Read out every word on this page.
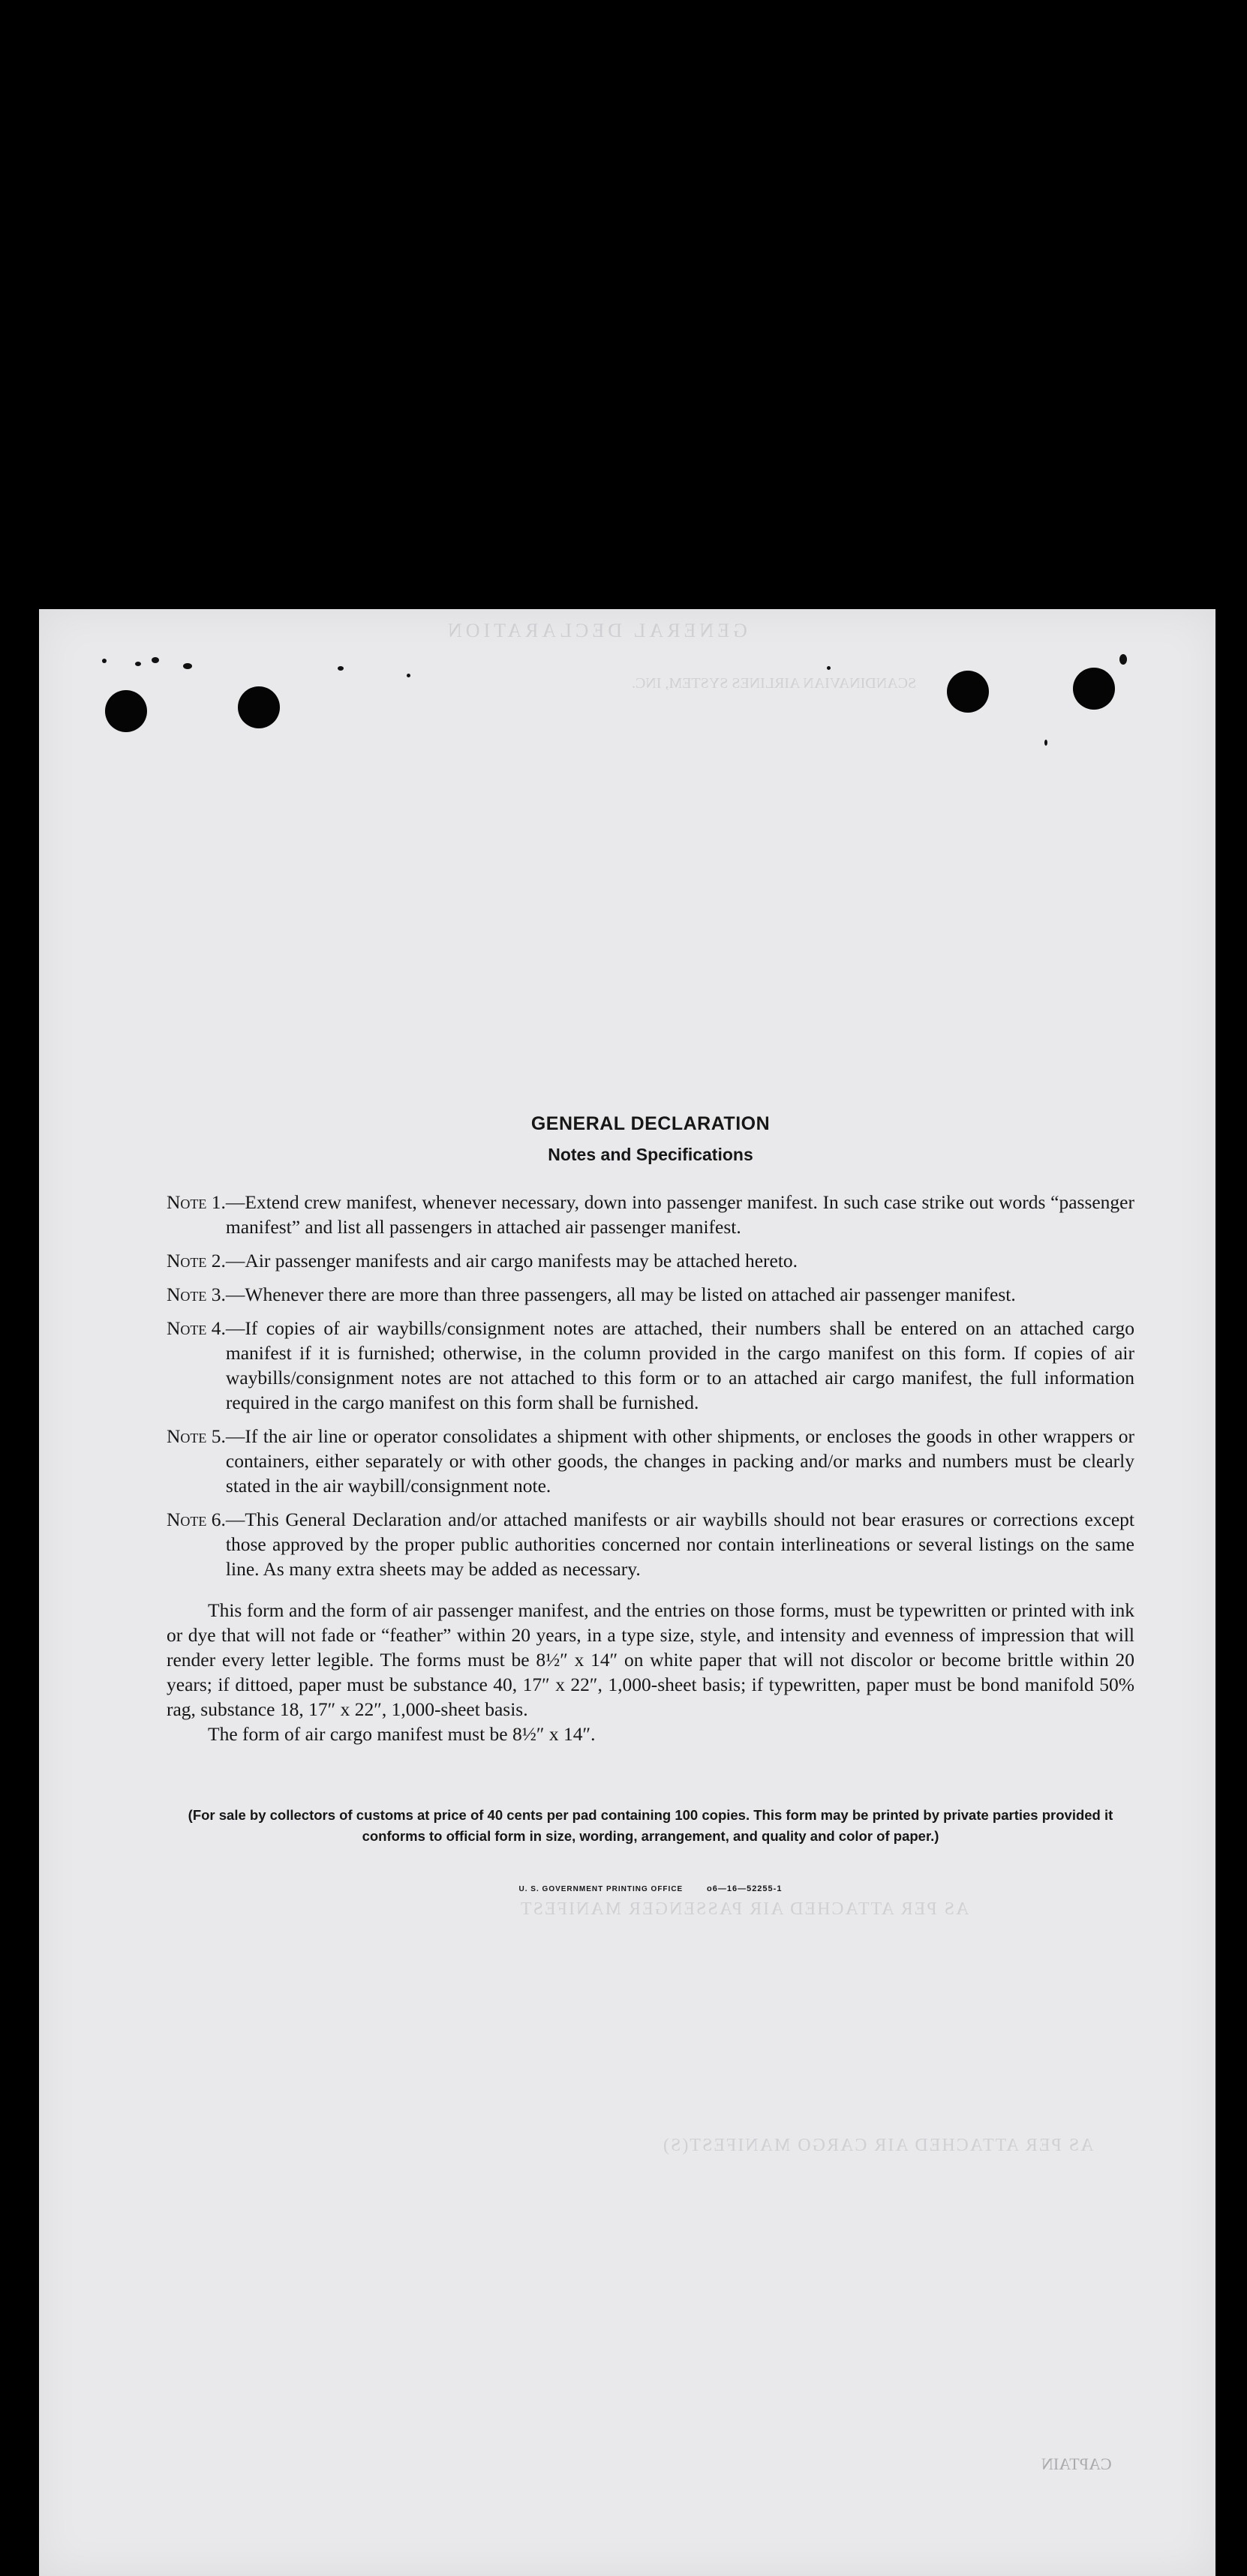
GENERAL DECLARATION
SCANDINAVIAN AIRLINES SYSTEM, INC.
AS PER ATTACHED AIR PASSENGER MANIFEST
AS PER ATTACHED AIR CARGO MANIFEST(S)
CAPTAIN
GENERAL DECLARATION
Notes and Specifications
Note 1. —Extend crew manifest, whenever necessary, down into passenger manifest. In such case strike out words “passenger manifest” and list all passengers in attached air passenger manifest.
Note 2. —Air passenger manifests and air cargo manifests may be attached hereto.
Note 3. —Whenever there are more than three passengers, all may be listed on attached air passenger manifest.
Note 4. —If copies of air waybills/consignment notes are attached, their numbers shall be entered on an attached cargo manifest if it is furnished; otherwise, in the column provided in the cargo manifest on this form. If copies of air waybills/consignment notes are not attached to this form or to an attached air cargo manifest, the full information required in the cargo manifest on this form shall be furnished.
Note 5. —If the air line or operator consolidates a shipment with other shipments, or encloses the goods in other wrappers or containers, either separately or with other goods, the changes in packing and/or marks and numbers must be clearly stated in the air waybill/consignment note.
Note 6. —This General Declaration and/or attached manifests or air waybills should not bear erasures or corrections except those approved by the proper public authorities concerned nor contain interlineations or several listings on the same line. As many extra sheets may be added as necessary.
This form and the form of air passenger manifest, and the entries on those forms, must be typewritten or printed with ink or dye that will not fade or “feather” within 20 years, in a type size, style, and intensity and evenness of impression that will render every letter legible. The forms must be 8½″ x 14″ on white paper that will not discolor or become brittle within 20 years; if dittoed, paper must be substance 40, 17″ x 22″, 1,000-sheet basis; if typewritten, paper must be bond manifold 50% rag, substance 18, 17″ x 22″, 1,000-sheet basis.
The form of air cargo manifest must be 8½″ x 14″.
(For sale by collectors of customs at price of 40 cents per pad containing 100 copies. This form may be printed by private parties provided it conforms to official form in size, wording, arrangement, and quality and color of paper.)
U. S. GOVERNMENT PRINTING OFFICE	o6—16—52255-1
